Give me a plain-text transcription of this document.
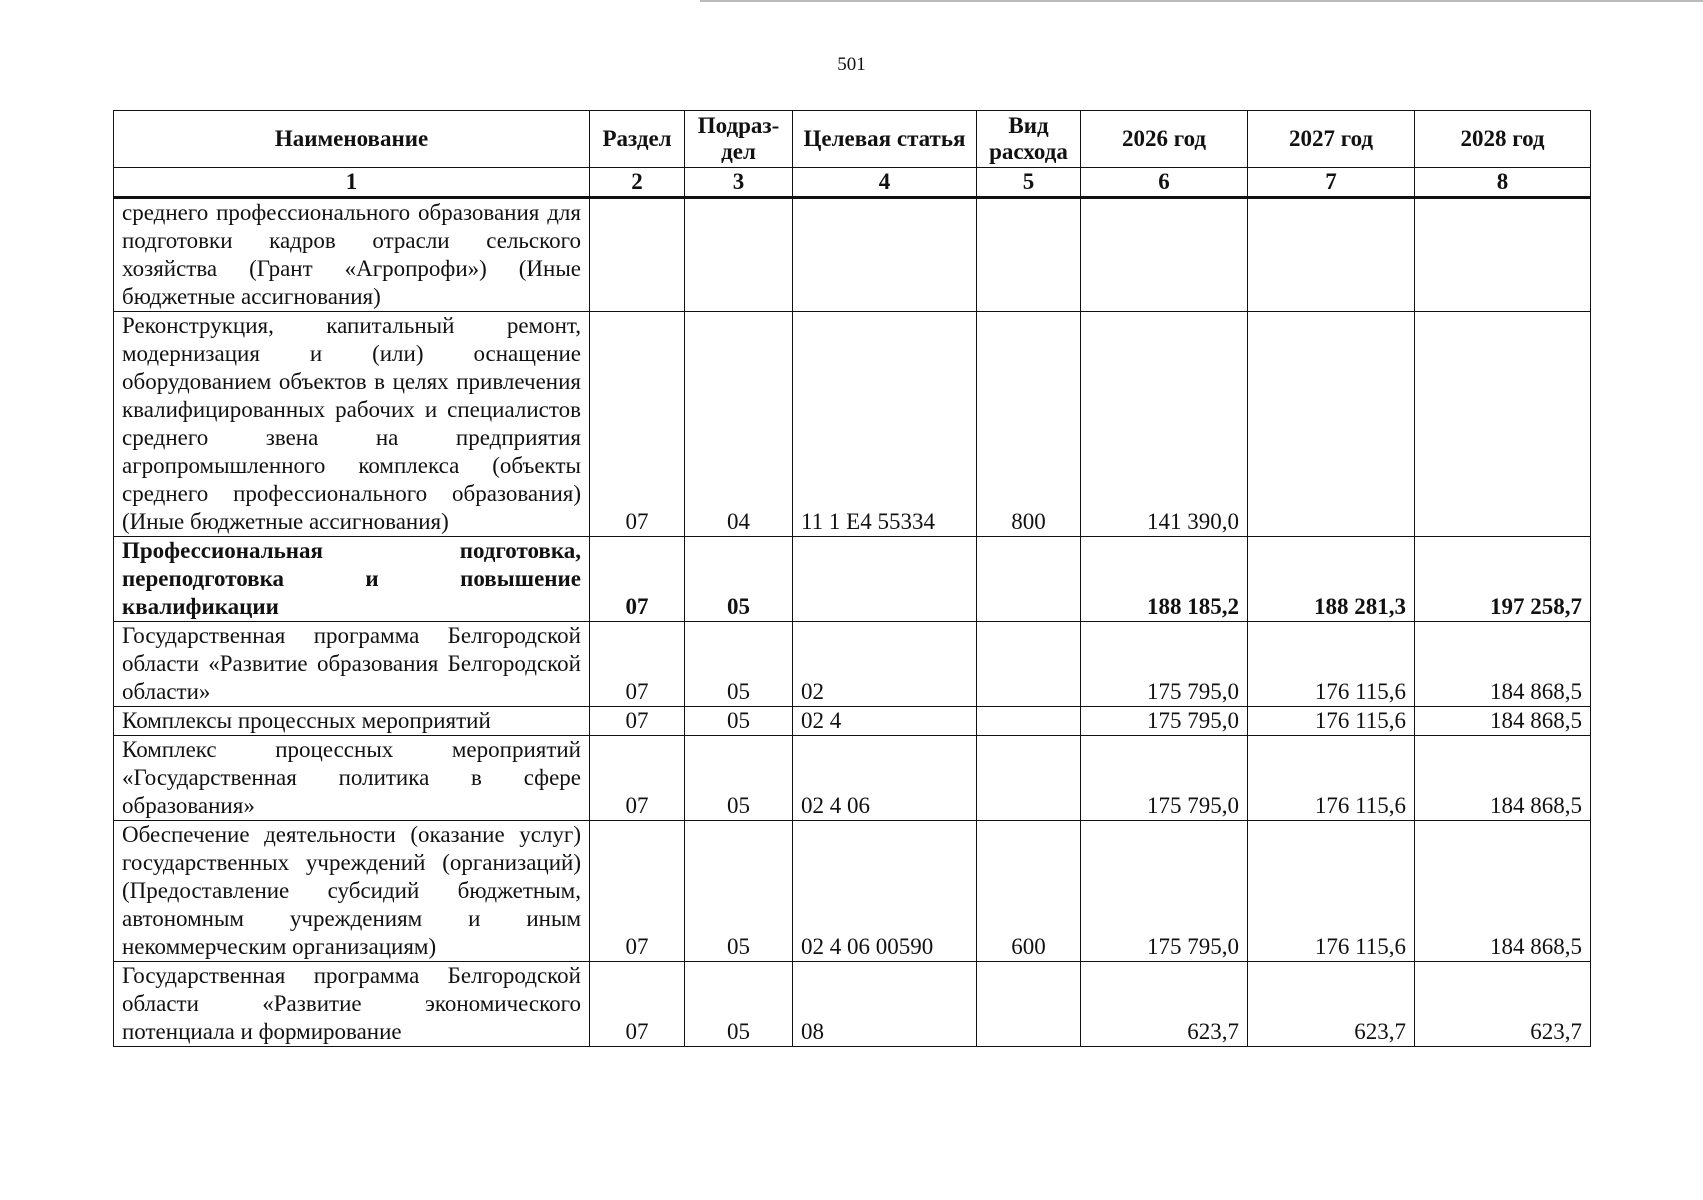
501
Наименование	Раздел	Подраз-дел	Целевая статья	Вид расхода	2026 год	2027 год	2028 год
1	2	3	4	5	6	7	8
среднего профессионального образования для подготовки кадров отрасли сельского хозяйства (Грант «Агропрофи») (Иные бюджетные ассигнования)							
Реконструкция, капитальный ремонт, модернизация и (или) оснащение оборудованием объектов в целях привлечения квалифицированных рабочих и специалистов среднего звена на предприятия агропромышленного комплекса (объекты среднего профессионального образования) (Иные бюджетные ассигнования)	07	04	11 1 Е4 55334	800	141 390,0		
Профессиональная подготовка, переподготовка и повышение квалификации	07	05			188 185,2	188 281,3	197 258,7
Государственная программа Белгородской области «Развитие образования Белгородской области»	07	05	02		175 795,0	176 115,6	184 868,5
Комплексы процессных мероприятий	07	05	02 4		175 795,0	176 115,6	184 868,5
Комплекс процессных мероприятий «Государственная политика в сфере образования»	07	05	02 4 06		175 795,0	176 115,6	184 868,5
Обеспечение деятельности (оказание услуг) государственных учреждений (организаций) (Предоставление субсидий бюджетным, автономным учреждениям и иным некоммерческим организациям)	07	05	02 4 06 00590	600	175 795,0	176 115,6	184 868,5
Государственная программа Белгородской области «Развитие экономического потенциала и формирование	07	05	08		623,7	623,7	623,7
